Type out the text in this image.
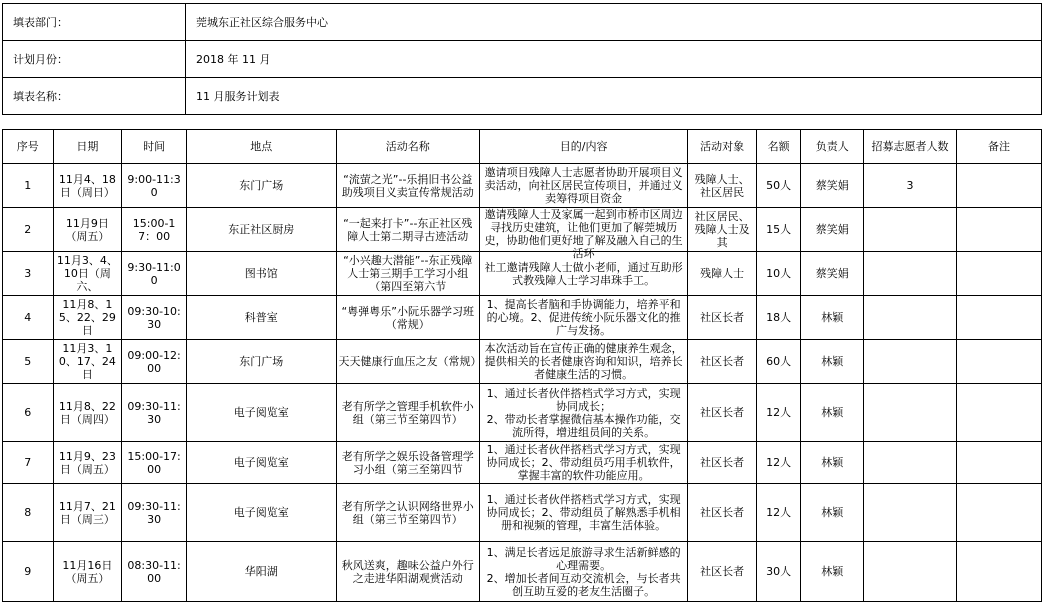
填表部门：	莞城东正社区综合服务中心
计划月份：	2018 年 11 月
填表名称：	11 月服务计划表
序号	日期	时间	地点	活动名称	目的/内容	活动对象	名额	负责人	招募志愿者人数	备注

1	11月4、18日（周日）	9:00-11:30	东门广场	“流萤之光”--乐捐旧书公益助残项目义卖宣传常规活动	邀请项目残障人士志愿者协助开展项目义卖活动，向社区居民宣传项目，并通过义卖筹得项目资金	残障人士、社区居民	50人	蔡笑娟	3	

2	11月9日（周五）	15:00-17：00	东正社区厨房	“一起来打卡”--东正社区残障人士第二期寻古迹活动	邀请残障人士及家属一起到市桥市区周边寻找历史建筑，让他们更加了解莞城历史，协助他们更好地了解及融入自己的生活环	社区居民、残障人士及其	15人	蔡笑娟		

3	11月3、4、10日（周六、	9:30-11:00	图书馆	“小兴趣大潜能”--东正残障人士第三期手工学习小组（第四至第六节	社工邀请残障人士做小老师，通过互助形式教残障人士学习串珠手工。	残障人士	10人	蔡笑娟		

4	11月8、15、22、29日	09:30-10:30	科普室	“粤弹粤乐”小阮乐器学习班（常规）	1、提高长者脑和手协调能力，培养平和的心境。2、促进传统小阮乐器文化的推广与发扬。	社区长者	18人	林颖		

5	11月3、10、17、24日	09:00-12:00	东门广场	天天健康行血压之友（常规）	本次活动旨在宣传正确的健康养生观念，提供相关的长者健康咨询和知识，培养长者健康生活的习惯。	社区长者	60人	林颖		

6	11月8、22日（周四）	09:30-11:30	电子阅览室	老有所学之管理手机软件小组（第三节至第四节）	1、通过长者伙伴搭档式学习方式，实现协同成长；
2、带动长者掌握微信基本操作功能，交流所得，增进组员间的关系。	社区长者	12人	林颖		

7	11月9、23日（周五）	15:00-17:00	电子阅览室	老有所学之娱乐设备管理学习小组（第三至第四节	1、通过长者伙伴搭档式学习方式，实现协同成长；2、带动组员巧用手机软件，掌握丰富的软件功能应用。	社区长者	12人	林颖		

8	11月7、21日（周三）	09:30-11:30	电子阅览室	老有所学之认识网络世界小组（第三节至第四节）	1、通过长者伙伴搭档式学习方式，实现协同成长；2、带动组员了解熟悉手机相册和视频的管理，丰富生活体验。	社区长者	12人	林颖		

9	11月16日（周五）	08:30-11:00	华阳湖	秋风送爽，趣味公益户外行之走进华阳湖观赏活动	1、满足长者远足旅游寻求生活新鲜感的心理需要。
2、增加长者间互动交流机会，与长者共创互助互爱的老友生活圈子。	社区长者	30人	林颖		
